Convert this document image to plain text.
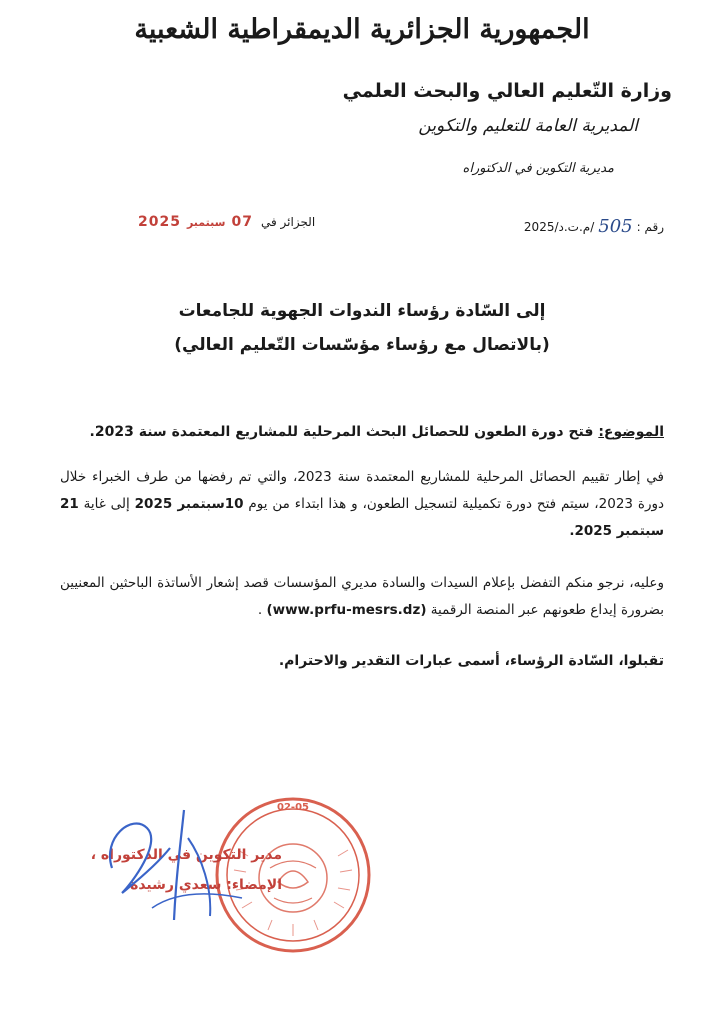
الجمهورية الجزائرية الديمقراطية الشعبية
وزارة التّعليم العالي والبحث العلمي
المديرية العامة للتعليم والتكوين
مديرية التكوين في الدكتوراه
رقم :
505
/م.ت.د/2025
الجزائر في
07
سبتمبر
2025
إلى السّادة رؤساء الندوات الجهوية للجامعات
(بالاتصال مع رؤساء مؤسّسات التّعليم العالي)
الموضوع: فتح دورة الطعون للحصائل البحث المرحلية للمشاريع المعتمدة سنة 2023.
في إطار تقييم الحصائل المرحلية للمشاريع المعتمدة سنة 2023، والتي تم رفضها من طرف الخبراء خلال دورة 2023، سيتم فتح دورة تكميلية لتسجيل الطعون، و هذا ابتداء من يوم 10سبتمبر 2025 إلى غاية 21 سبتمبر 2025.
وعليه، نرجو منكم التفضل بإعلام السيدات والسادة مديري المؤسسات قصد إشعار الأساتذة الباحثين المعنيين بضرورة إيداع طعونهم عبر المنصة الرقمية (www.prfu-mesrs.dz) .
تقبلوا، السّادة الرؤساء، أسمى عبارات التقدير والاحترام.
02-05
مدير التكوين في الدكتوراه ،
الإمضاء: سعدي رشيدة
